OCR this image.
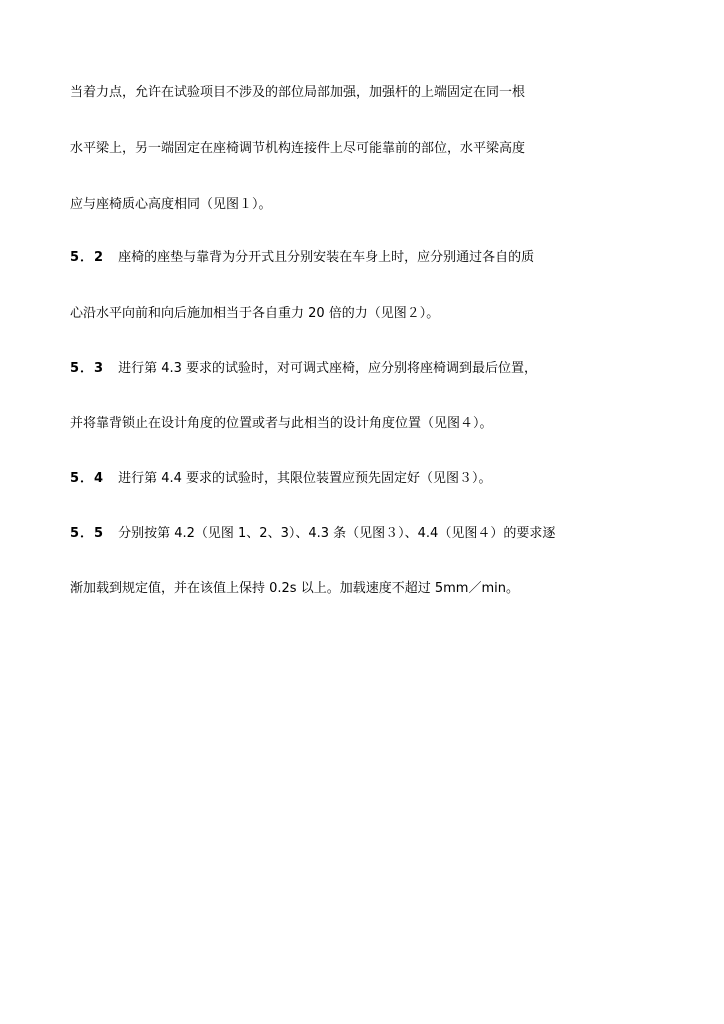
当着力点，允许在试验项目不涉及的部位局部加强，加强杆的上端固定在同一根
水平梁上，另一端固定在座椅调节机构连接件上尽可能靠前的部位，水平梁高度
应与座椅质心高度相同（见图１）。
5．2 座椅的座垫与靠背为分开式且分别安装在车身上时，应分别通过各自的质
心沿水平向前和向后施加相当于各自重力 20 倍的力（见图２）。
5．3 进行第 4.3 要求的试验时，对可调式座椅，应分别将座椅调到最后位置，
并将靠背锁止在设计角度的位置或者与此相当的设计角度位置（见图４）。
5．4 进行第 4.4 要求的试验时，其限位装置应预先固定好（见图３）。
5．5 分别按第 4.2（见图 1、2、3）、4.3 条（见图３）、4.4（见图４）的要求逐
渐加载到规定值，并在该值上保持 0.2s 以上。加载速度不超过 5mm／min。
